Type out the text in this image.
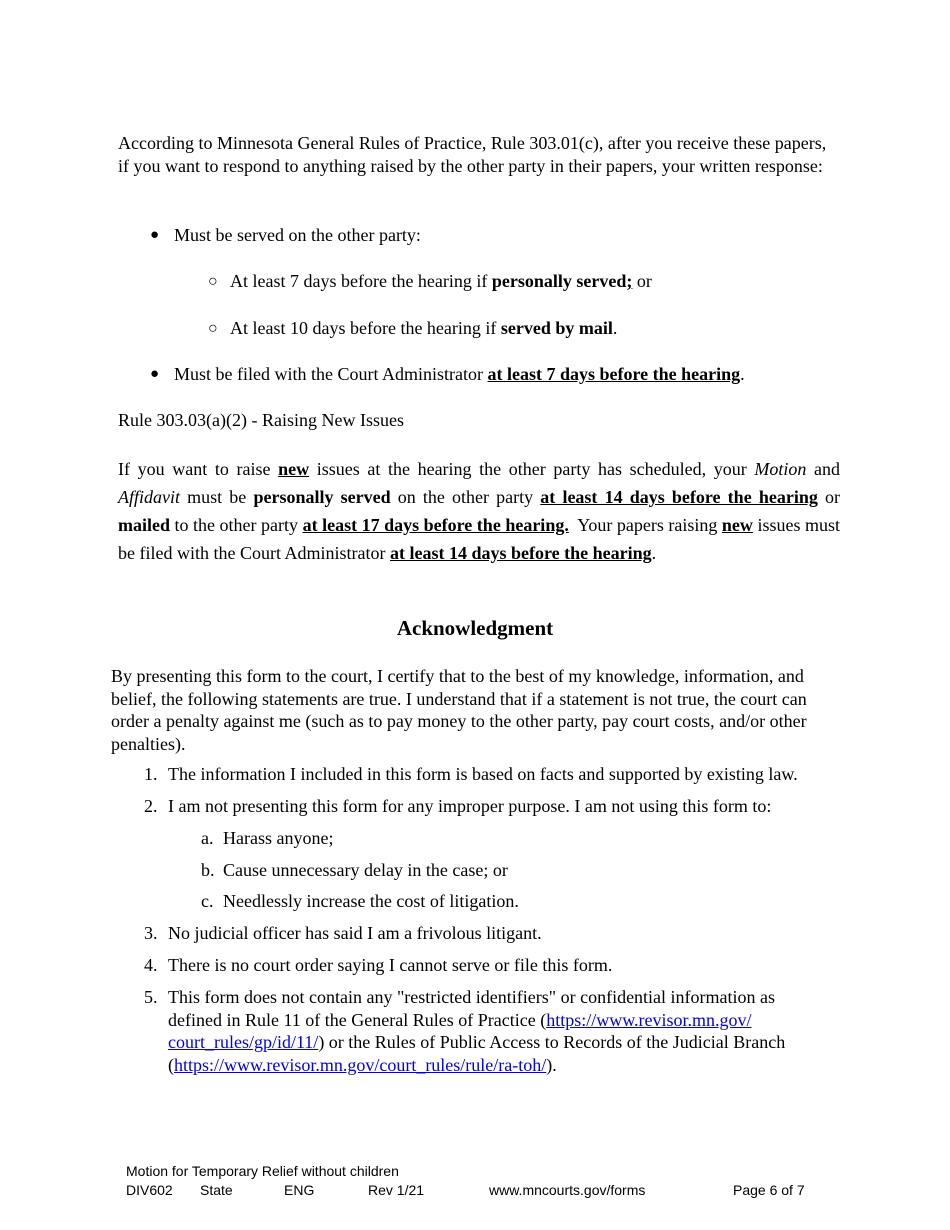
According to Minnesota General Rules of Practice, Rule 303.01(c), after you receive these papers, if you want to respond to anything raised by the other party in their papers, your written response:
● Must be served on the other party:
○ At least 7 days before the hearing if personally served; or
○ At least 10 days before the hearing if served by mail.
● Must be filed with the Court Administrator at least 7 days before the hearing.
Rule 303.03(a)(2) - Raising New Issues
If you want to raise new issues at the hearing the other party has scheduled, your Motion and Affidavit must be personally served on the other party at least 14 days before the hearing or mailed to the other party at least 17 days before the hearing.  Your papers raising new issues must be filed with the Court Administrator at least 14 days before the hearing.
Acknowledgment
By presenting this form to the court, I certify that to the best of my knowledge, information, and belief, the following statements are true. I understand that if a statement is not true, the court can order a penalty against me (such as to pay money to the other party, pay court costs, and/or other penalties).
1. The information I included in this form is based on facts and supported by existing law.
2. I am not presenting this form for any improper purpose. I am not using this form to:
a. Harass anyone;
b. Cause unnecessary delay in the case; or
c. Needlessly increase the cost of litigation.
3. No judicial officer has said I am a frivolous litigant.
4. There is no court order saying I cannot serve or file this form.
5. This form does not contain any "restricted identifiers" or confidential information as defined in Rule 11 of the General Rules of Practice (https://www.revisor.mn.gov/
court_rules/gp/id/11/) or the Rules of Public Access to Records of the Judicial Branch (https://www.revisor.mn.gov/court_rules/rule/ra-toh/).
Motion for Temporary Relief without children
DIV602 State	ENG	Rev 1/21	www.mncourts.gov/forms	Page 6 of 7
